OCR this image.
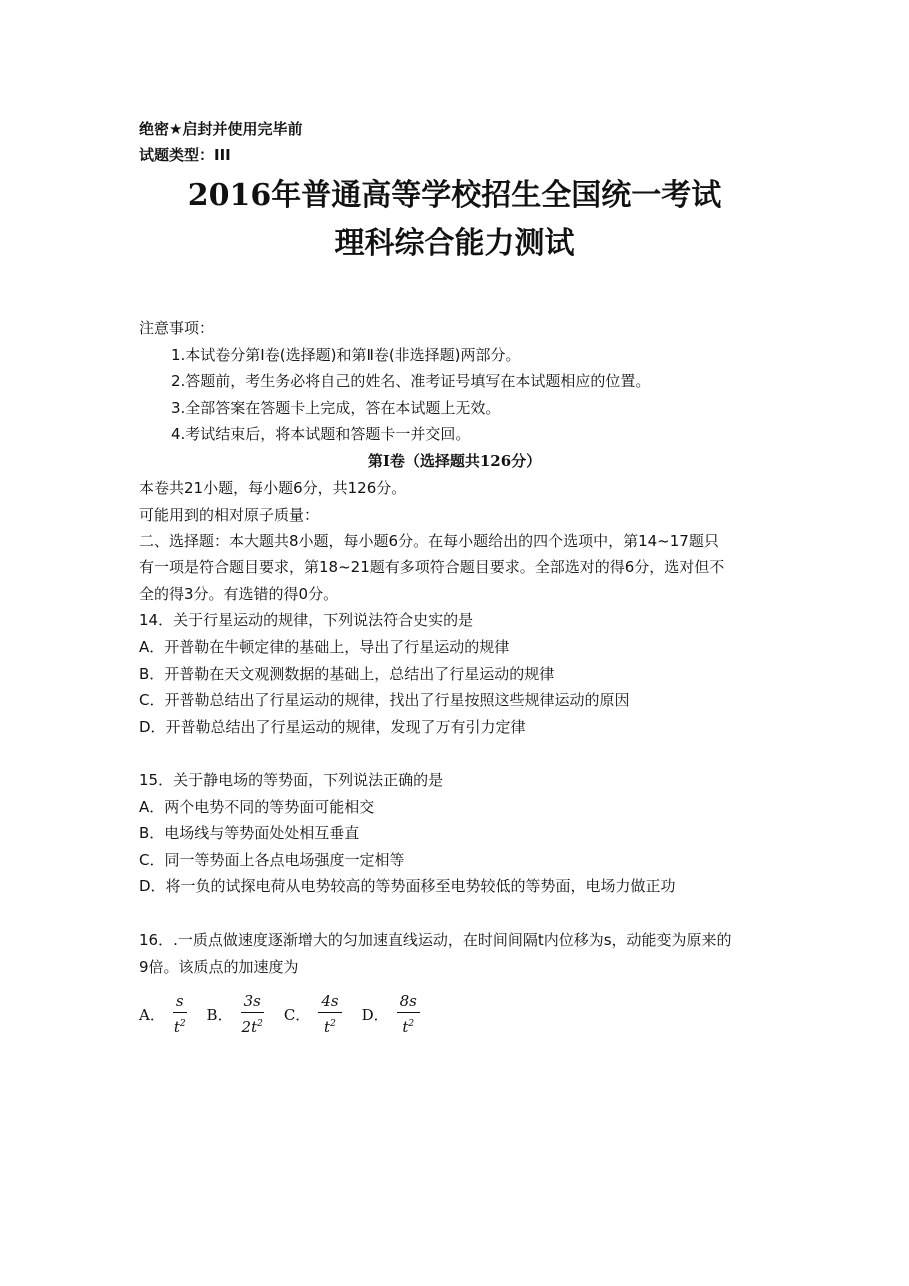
绝密★启封并使用完毕前
试题类型：III
2016年普通高等学校招生全国统一考试
理科综合能力测试
注意事项：
1.本试卷分第Ⅰ卷(选择题)和第Ⅱ卷(非选择题)两部分。
2.答题前，考生务必将自己的姓名、准考证号填写在本试题相应的位置。
3.全部答案在答题卡上完成，答在本试题上无效。
4.考试结束后，将本试题和答题卡一并交回。
第Ⅰ卷（选择题共126分）
本卷共21小题，每小题6分，共126分。
可能用到的相对原子质量：
二、选择题：本大题共8小题，每小题6分。在每小题给出的四个选项中，第14~17题只
有一项是符合题目要求，第18~21题有多项符合题目要求。全部选对的得6分，选对但不
全的得3分。有选错的得0分。
14．关于行星运动的规律，下列说法符合史实的是
A．开普勒在牛顿定律的基础上，导出了行星运动的规律
B．开普勒在天文观测数据的基础上，总结出了行星运动的规律
C．开普勒总结出了行星运动的规律，找出了行星按照这些规律运动的原因
D．开普勒总结出了行星运动的规律，发现了万有引力定律
15．关于静电场的等势面，下列说法正确的是
A．两个电势不同的等势面可能相交
B．电场线与等势面处处相互垂直
C．同一等势面上各点电场强度一定相等
D．将一负的试探电荷从电势较高的等势面移至电势较低的等势面，电场力做正功
16．.一质点做速度逐渐增大的匀加速直线运动，在时间间隔t内位移为s，动能变为原来的
9倍。该质点的加速度为
A． $\frac{s}{t^2}$ B． $\frac{3s}{2t^2}$ C． $\frac{4s}{t^2}$ D． $\frac{8s}{t^2}$
